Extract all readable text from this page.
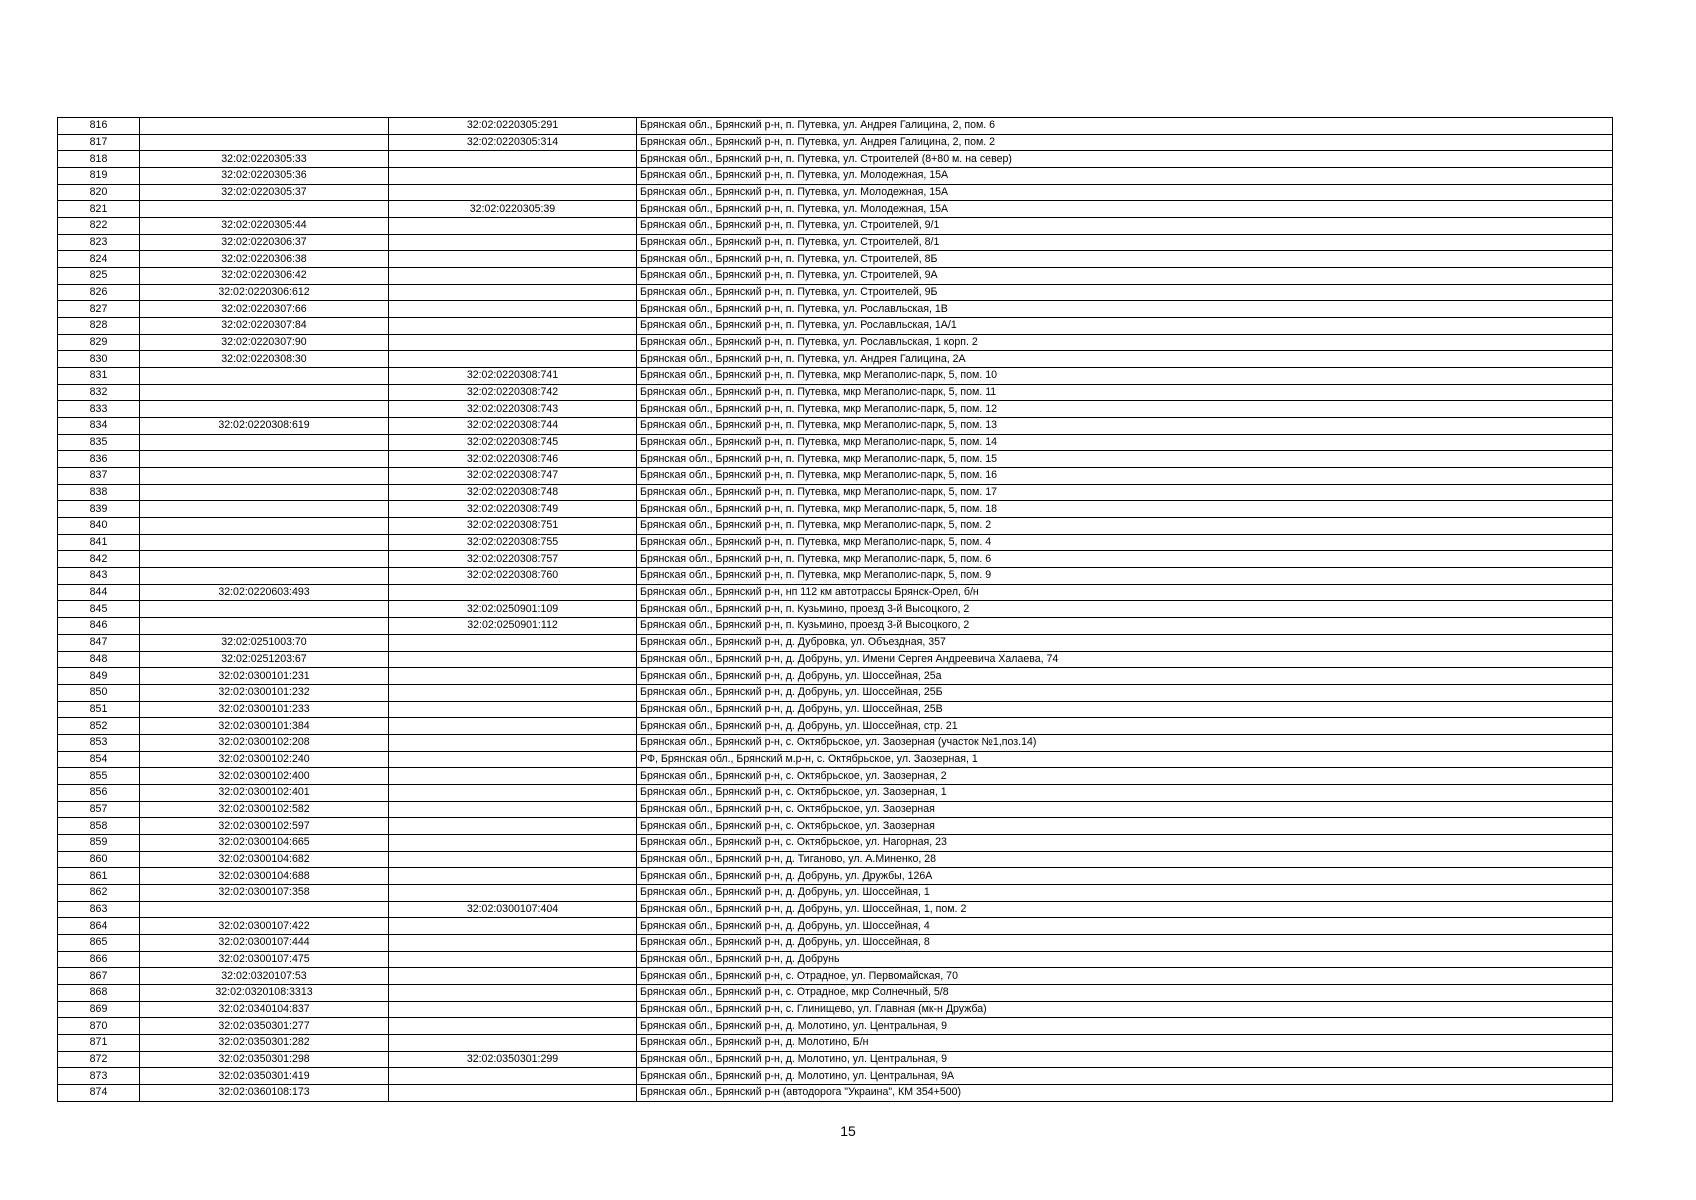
816		32:02:0220305:291	Брянская обл., Брянский р-н, п. Путевка, ул. Андрея Галицина, 2, пом. 6
817		32:02:0220305:314	Брянская обл., Брянский р-н, п. Путевка, ул. Андрея Галицина, 2, пом. 2
818	32:02:0220305:33		Брянская обл., Брянский р-н, п. Путевка, ул. Строителей (8+80 м. на север)
819	32:02:0220305:36		Брянская обл., Брянский р-н, п. Путевка, ул. Молодежная, 15А
820	32:02:0220305:37		Брянская обл., Брянский р-н, п. Путевка, ул. Молодежная, 15А
821		32:02:0220305:39	Брянская обл., Брянский р-н, п. Путевка, ул. Молодежная, 15А
822	32:02:0220305:44		Брянская обл., Брянский р-н, п. Путевка, ул. Строителей, 9/1
823	32:02:0220306:37		Брянская обл., Брянский р-н, п. Путевка, ул. Строителей, 8/1
824	32:02:0220306:38		Брянская обл., Брянский р-н, п. Путевка, ул. Строителей, 8Б
825	32:02:0220306:42		Брянская обл., Брянский р-н, п. Путевка, ул. Строителей, 9А
826	32:02:0220306:612		Брянская обл., Брянский р-н, п. Путевка, ул. Строителей, 9Б
827	32:02:0220307:66		Брянская обл., Брянский р-н, п. Путевка, ул. Рославльская, 1В
828	32:02:0220307:84		Брянская обл., Брянский р-н, п. Путевка, ул. Рославльская, 1А/1
829	32:02:0220307:90		Брянская обл., Брянский р-н, п. Путевка, ул. Рославльская, 1 корп. 2
830	32:02:0220308:30		Брянская обл., Брянский р-н, п. Путевка, ул. Андрея Галицина, 2А
831		32:02:0220308:741	Брянская обл., Брянский р-н, п. Путевка, мкр Мегаполис-парк, 5, пом. 10
832		32:02:0220308:742	Брянская обл., Брянский р-н, п. Путевка, мкр Мегаполис-парк, 5, пом. 11
833		32:02:0220308:743	Брянская обл., Брянский р-н, п. Путевка, мкр Мегаполис-парк, 5, пом. 12
834	32:02:0220308:619	32:02:0220308:744	Брянская обл., Брянский р-н, п. Путевка, мкр Мегаполис-парк, 5, пом. 13
835		32:02:0220308:745	Брянская обл., Брянский р-н, п. Путевка, мкр Мегаполис-парк, 5, пом. 14
836		32:02:0220308:746	Брянская обл., Брянский р-н, п. Путевка, мкр Мегаполис-парк, 5, пом. 15
837		32:02:0220308:747	Брянская обл., Брянский р-н, п. Путевка, мкр Мегаполис-парк, 5, пом. 16
838		32:02:0220308:748	Брянская обл., Брянский р-н, п. Путевка, мкр Мегаполис-парк, 5, пом. 17
839		32:02:0220308:749	Брянская обл., Брянский р-н, п. Путевка, мкр Мегаполис-парк, 5, пом. 18
840		32:02:0220308:751	Брянская обл., Брянский р-н, п. Путевка, мкр Мегаполис-парк, 5, пом. 2
841		32:02:0220308:755	Брянская обл., Брянский р-н, п. Путевка, мкр Мегаполис-парк, 5, пом. 4
842		32:02:0220308:757	Брянская обл., Брянский р-н, п. Путевка, мкр Мегаполис-парк, 5, пом. 6
843		32:02:0220308:760	Брянская обл., Брянский р-н, п. Путевка, мкр Мегаполис-парк, 5, пом. 9
844	32:02:0220603:493		Брянская обл., Брянский р-н, нп 112 км автотрассы Брянск-Орел, б/н
845		32:02:0250901:109	Брянская обл., Брянский р-н, п. Кузьмино, проезд 3-й Высоцкого, 2
846		32:02:0250901:112	Брянская обл., Брянский р-н, п. Кузьмино, проезд 3-й Высоцкого, 2
847	32:02:0251003:70		Брянская обл., Брянский р-н, д. Дубровка, ул. Объездная, 357
848	32:02:0251203:67		Брянская обл., Брянский р-н, д. Добрунь, ул. Имени Сергея Андреевича Халаева, 74
849	32:02:0300101:231		Брянская обл., Брянский р-н, д. Добрунь, ул. Шоссейная, 25а
850	32:02:0300101:232		Брянская обл., Брянский р-н, д. Добрунь, ул. Шоссейная, 25Б
851	32:02:0300101:233		Брянская обл., Брянский р-н, д. Добрунь, ул. Шоссейная, 25В
852	32:02:0300101:384		Брянская обл., Брянский р-н, д. Добрунь, ул. Шоссейная, стр. 21
853	32:02:0300102:208		Брянская обл., Брянский р-н, с. Октябрьское, ул. Заозерная (участок №1,поз.14)
854	32:02:0300102:240		РФ, Брянская обл., Брянский м.р-н, с. Октябрьское, ул. Заозерная, 1
855	32:02:0300102:400		Брянская обл., Брянский р-н, с. Октябрьское, ул. Заозерная, 2
856	32:02:0300102:401		Брянская обл., Брянский р-н, с. Октябрьское, ул. Заозерная, 1
857	32:02:0300102:582		Брянская обл., Брянский р-н, с. Октябрьское, ул. Заозерная
858	32:02:0300102:597		Брянская обл., Брянский р-н, с. Октябрьское, ул. Заозерная
859	32:02:0300104:665		Брянская обл., Брянский р-н, с. Октябрьское, ул. Нагорная, 23
860	32:02:0300104:682		Брянская обл., Брянский р-н, д. Тиганово, ул. А.Миненко, 28
861	32:02:0300104:688		Брянская обл., Брянский р-н, д. Добрунь, ул. Дружбы, 126А
862	32:02:0300107:358		Брянская обл., Брянский р-н, д. Добрунь, ул. Шоссейная, 1
863		32:02:0300107:404	Брянская обл., Брянский р-н, д. Добрунь, ул. Шоссейная, 1, пом. 2
864	32:02:0300107:422		Брянская обл., Брянский р-н, д. Добрунь, ул. Шоссейная, 4
865	32:02:0300107:444		Брянская обл., Брянский р-н, д. Добрунь, ул. Шоссейная, 8
866	32:02:0300107:475		Брянская обл., Брянский р-н, д. Добрунь
867	32:02:0320107:53		Брянская обл., Брянский р-н, с. Отрадное, ул. Первомайская, 70
868	32:02:0320108:3313		Брянская обл., Брянский р-н, с. Отрадное, мкр Солнечный, 5/8
869	32:02:0340104:837		Брянская обл., Брянский р-н, с. Глинищево, ул. Главная (мк-н Дружба)
870	32:02:0350301:277		Брянская обл., Брянский р-н, д. Молотино, ул. Центральная, 9
871	32:02:0350301:282		Брянская обл., Брянский р-н, д. Молотино, Б/н
872	32:02:0350301:298	32:02:0350301:299	Брянская обл., Брянский р-н, д. Молотино, ул. Центральная, 9
873	32:02:0350301:419		Брянская обл., Брянский р-н, д. Молотино, ул. Центральная, 9А
874	32:02:0360108:173		Брянская обл., Брянский р-н (автодорога "Украина", КМ 354+500)
15
